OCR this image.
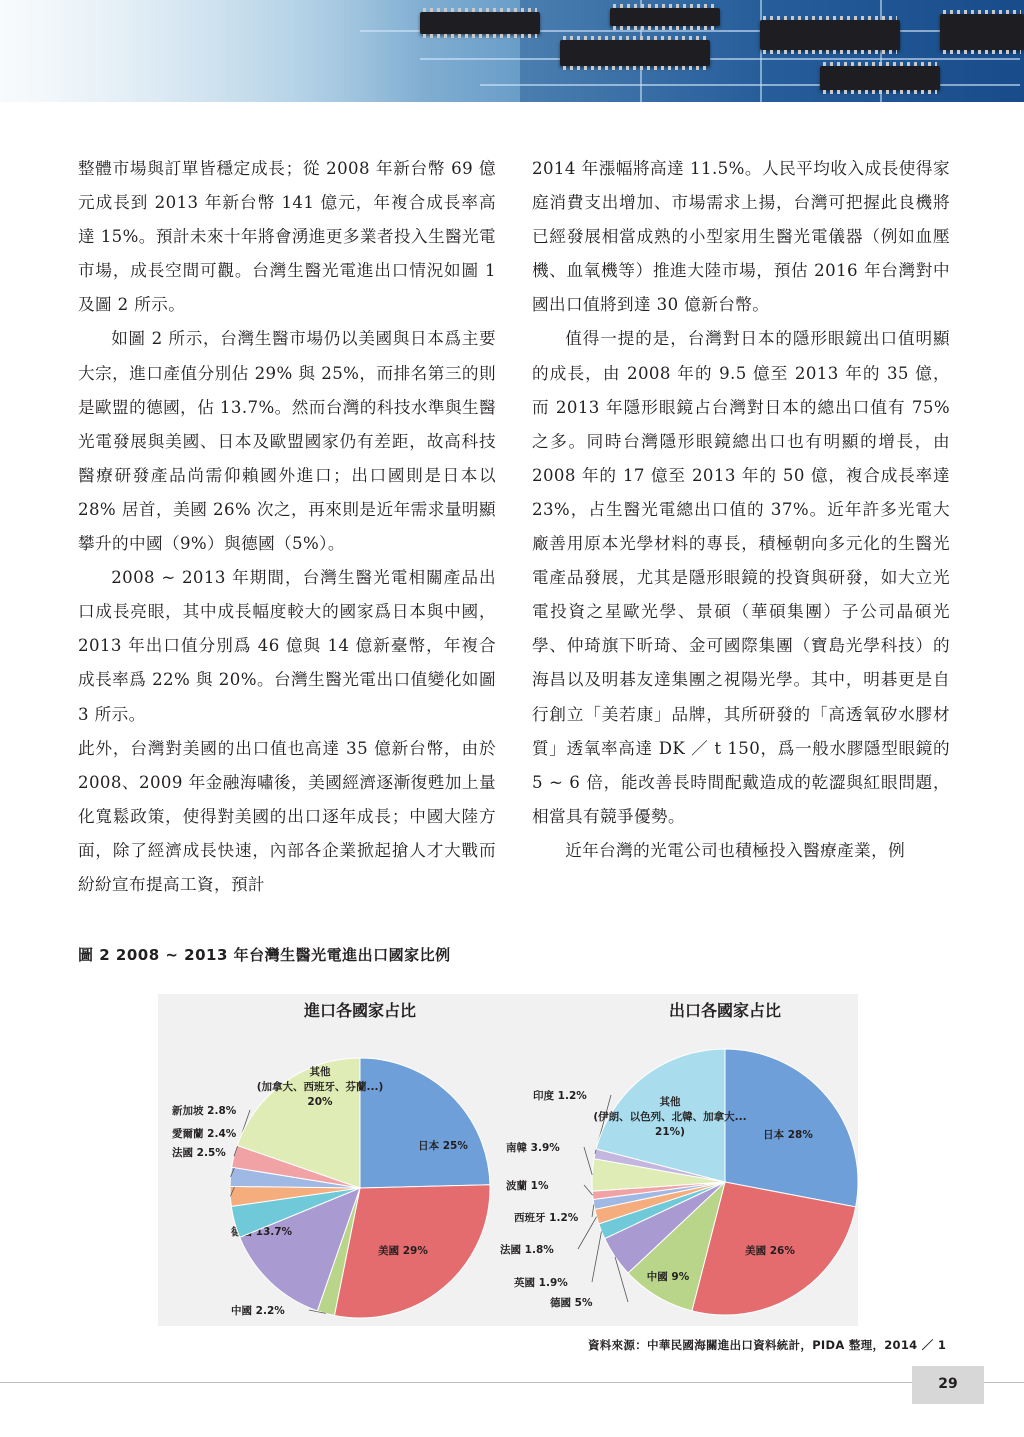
整體市場與訂單皆穩定成長；從 2008 年新台幣 69 億元成長到 2013 年新台幣 141 億元，年複合成長率高達 15%。預計未來十年將會湧進更多業者投入生醫光電市場，成長空間可觀。台灣生醫光電進出口情況如圖 1 及圖 2 所示。

如圖 2 所示，台灣生醫市場仍以美國與日本爲主要大宗，進口產值分別佔 29% 與 25%，而排名第三的則是歐盟的德國，佔 13.7%。然而台灣的科技水準與生醫光電發展與美國、日本及歐盟國家仍有差距，故高科技醫療研發產品尚需仰賴國外進口；出口國則是日本以 28% 居首，美國 26% 次之，再來則是近年需求量明顯攀升的中國（9%）與德國（5%）。

2008 ~ 2013 年期間，台灣生醫光電相關產品出口成長亮眼，其中成長幅度較大的國家爲日本與中國，2013 年出口值分別爲 46 億與 14 億新臺幣，年複合成長率爲 22% 與 20%。台灣生醫光電出口值變化如圖 3 所示。

此外，台灣對美國的出口值也高達 35 億新台幣，由於 2008、2009 年金融海嘯後，美國經濟逐漸復甦加上量化寬鬆政策，使得對美國的出口逐年成長；中國大陸方面，除了經濟成長快速，內部各企業掀起搶人才大戰而紛紛宣布提高工資，預計

2014 年漲幅將高達 11.5%。人民平均收入成長使得家庭消費支出增加、市場需求上揚，台灣可把握此良機將已經發展相當成熟的小型家用生醫光電儀器（例如血壓機、血氧機等）推進大陸市場，預估 2016 年台灣對中國出口值將到達 30 億新台幣。

值得一提的是，台灣對日本的隱形眼鏡出口值明顯的成長，由 2008 年的 9.5 億至 2013 年的 35 億，而 2013 年隱形眼鏡占台灣對日本的總出口值有 75% 之多。同時台灣隱形眼鏡總出口也有明顯的增長，由 2008 年的 17 億至 2013 年的 50 億，複合成長率達 23%，占生醫光電總出口值的 37%。近年許多光電大廠善用原本光學材料的專長，積極朝向多元化的生醫光電產品發展，尤其是隱形眼鏡的投資與研發，如大立光電投資之星歐光學、景碩（華碩集團）子公司晶碩光學、仲琦旗下昕琦、金可國際集團（寶島光學科技）的海昌以及明碁友達集團之視陽光學。其中，明碁更是自行創立「美若康」品牌，其所研發的「高透氧矽水膠材質」透氧率高達 DK ／ t 150，爲一般水膠隱型眼鏡的 5 ~ 6 倍，能改善長時間配戴造成的乾澀與紅眼問題，相當具有競爭優勢。

近年台灣的光電公司也積極投入醫療產業，例

圖 2 2008 ~ 2013 年台灣生醫光電進出口國家比例
進口各國家占比
日本 25%
美國 29%
中國 2.2%
德國 13.7%
法國 2.5%
愛爾蘭 2.4%
新加坡 2.8%
其他(加拿大、西班牙、芬蘭...) 20%
出口各國家占比
日本 28%
美國 26%
中國 9%
德國 5%
英國 1.9%
法國 1.8%
西班牙 1.2%
波蘭 1%
南韓 3.9%
印度 1.2%	其他(伊朗、以色列、北韓、加拿大... 21%)
資料來源：中華民國海關進出口資料統計，PIDA 整理，2014 ／ 1
29
